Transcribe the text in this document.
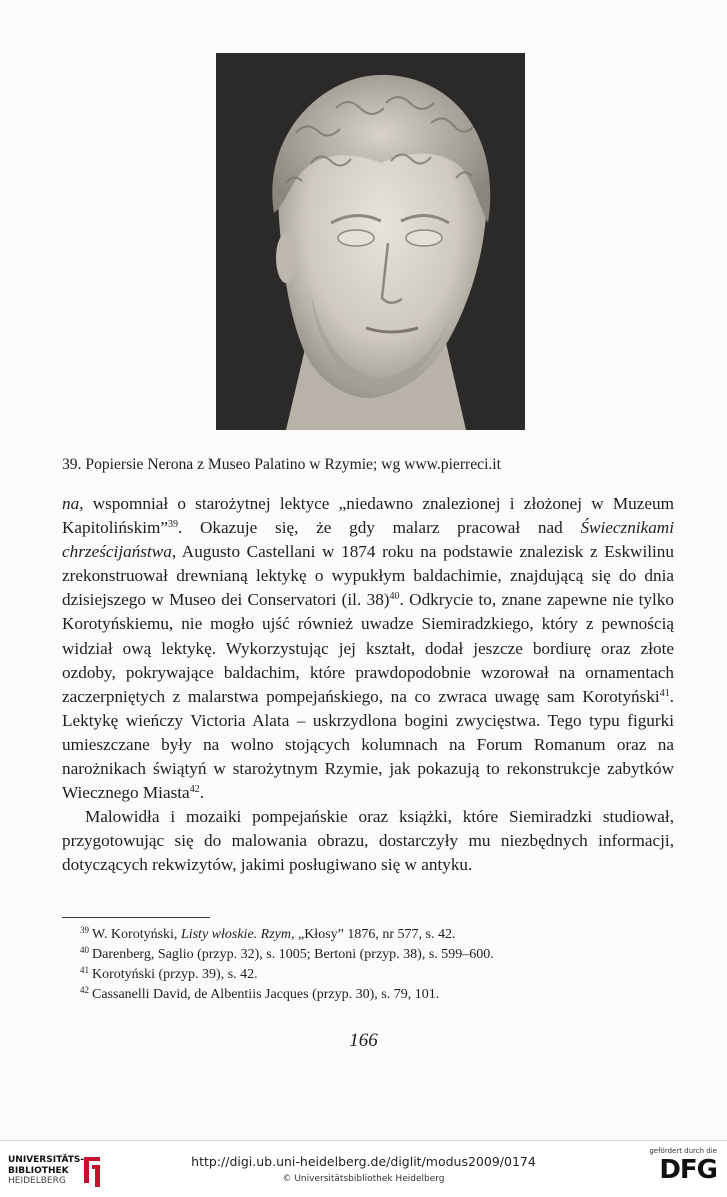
39. Popiersie Nerona z Museo Palatino w Rzymie; wg www.pierreci.it

na, wspomniał o starożytnej lektyce „niedawno znalezionej i złożonej w Muzeum Kapitolińskim”$^{39}$. Okazuje się, że gdy malarz pracował nad Świecznikami chrześcijaństwa, Augusto Castellani w 1874 roku na podstawie znalezisk z Eskwilinu zrekonstruował drewnianą lektykę o wypukłym baldachimie, znajdującą się do dnia dzisiejszego w Museo dei Conservatori (il. 38)$^{40}$. Odkrycie to, znane zapewne nie tylko Korotyńskiemu, nie mogło ujść również uwadze Siemiradzkiego, który z pewnością widział ową lektykę. Wykorzystując jej kształt, dodał jeszcze bordiurę oraz złote ozdoby, pokrywające baldachim, które prawdopodobnie wzorował na ornamentach zaczerpniętych z malarstwa pompejańskiego, na co zwraca uwagę sam Korotyński$^{41}$. Lektykę wieńczy Victoria Alata – uskrzydlona bogini zwycięstwa. Tego typu figurki umieszczane były na wolno stojących kolumnach na Forum Romanum oraz na narożnikach świątyń w starożytnym Rzymie, jak pokazują to rekonstrukcje zabytków Wiecznego Miasta$^{42}$.

Malowidła i mozaiki pompejańskie oraz książki, które Siemiradzki studiował, przygotowując się do malowania obrazu, dostarczyły mu niezbędnych informacji, dotyczących rekwizytów, jakimi posługiwano się w antyku.

$^{39}$ W. Korotyński, Listy włoskie. Rzym, „Kłosy” 1876, nr 577, s. 42.
$^{40}$ Darenberg, Saglio (przyp. 32), s. 1005; Bertoni (przyp. 38), s. 599–600.
$^{41}$ Korotyński (przyp. 39), s. 42.
$^{42}$ Cassanelli David, de Albentiis Jacques (przyp. 30), s. 79, 101.
166
UNIVERSITÄTS-
BIBLIOTHEK
HEIDELBERG
http://digi.ub.uni-heidelberg.de/diglit/modus2009/0174
© Universitätsbibliothek Heidelberg
gefördert durch die
DFG
